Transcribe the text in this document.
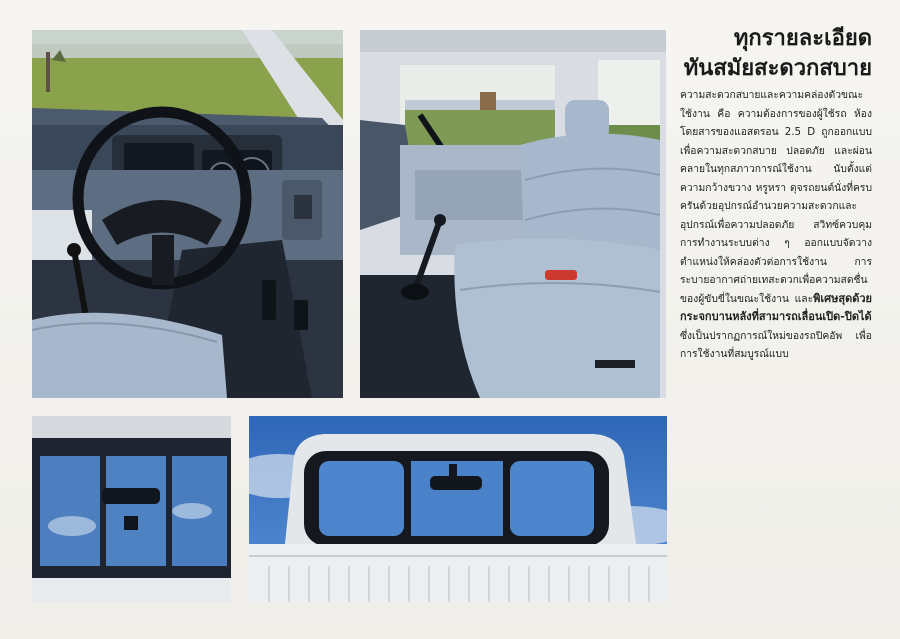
ทุกรายละเอียด
ทันสมัยสะดวกสบาย
ความสะดวกสบายและความคล่องตัวขณะใช้งาน คือ ความต้องการของผู้ใช้รถ ห้องโดยสารของแอสตรอน 2.5 D ถูกออกแบบเพื่อความสะดวกสบาย ปลอดภัย และผ่อนคลายในทุกสภาวการณ์ใช้งาน นับตั้งแต่ความกว้างขวาง หรูหรา ดุจรถยนต์นั่งที่ครบครันด้วยอุปกรณ์อำนวยความสะดวกและอุปกรณ์เพื่อความปลอดภัย สวิทซ์ควบคุมการทำงานระบบต่าง ๆ ออกแบบจัดวางตำแหน่งให้คล่องตัวต่อการใช้งาน การระบายอากาศถ่ายเทสะดวกเพื่อความสดชื่นของผู้ขับขี่ในขณะใช้งาน และพิเศษสุดด้วยกระจกบานหลังที่สามารถเลื่อนเปิด-ปิดได้ ซึ่งเป็นปรากฏการณ์ใหม่ของรถปิคอัพ เพื่อการใช้งานที่สมบูรณ์แบบ
